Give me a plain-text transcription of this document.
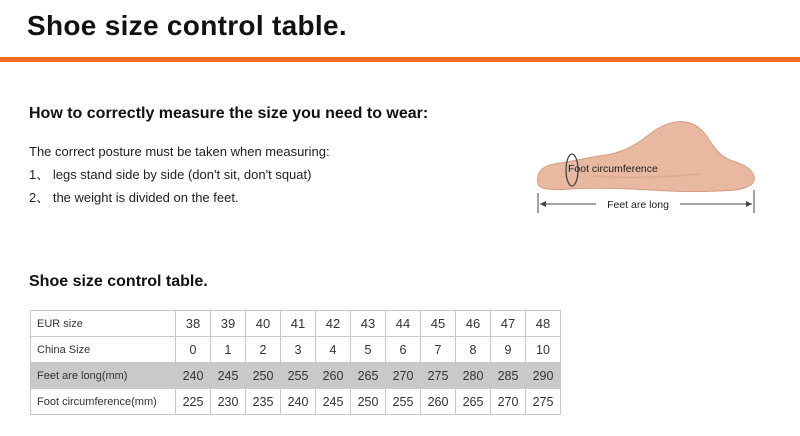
Shoe size control table.
How to correctly measure the size you need to wear:
The correct posture must be taken when measuring:
1、 legs stand side by side (don't sit, don't squat)
2、 the weight is divided on the feet.
Foot circumference
Feet are long
Shoe size control table.
EUR size	38	39	40	41	42	43	44	45	46	47	48
China Size	0	1	2	3	4	5	6	7	8	9	10
Feet are long(mm)	240	245	250	255	260	265	270	275	280	285	290
Foot circumference(mm)	225	230	235	240	245	250	255	260	265	270	275
